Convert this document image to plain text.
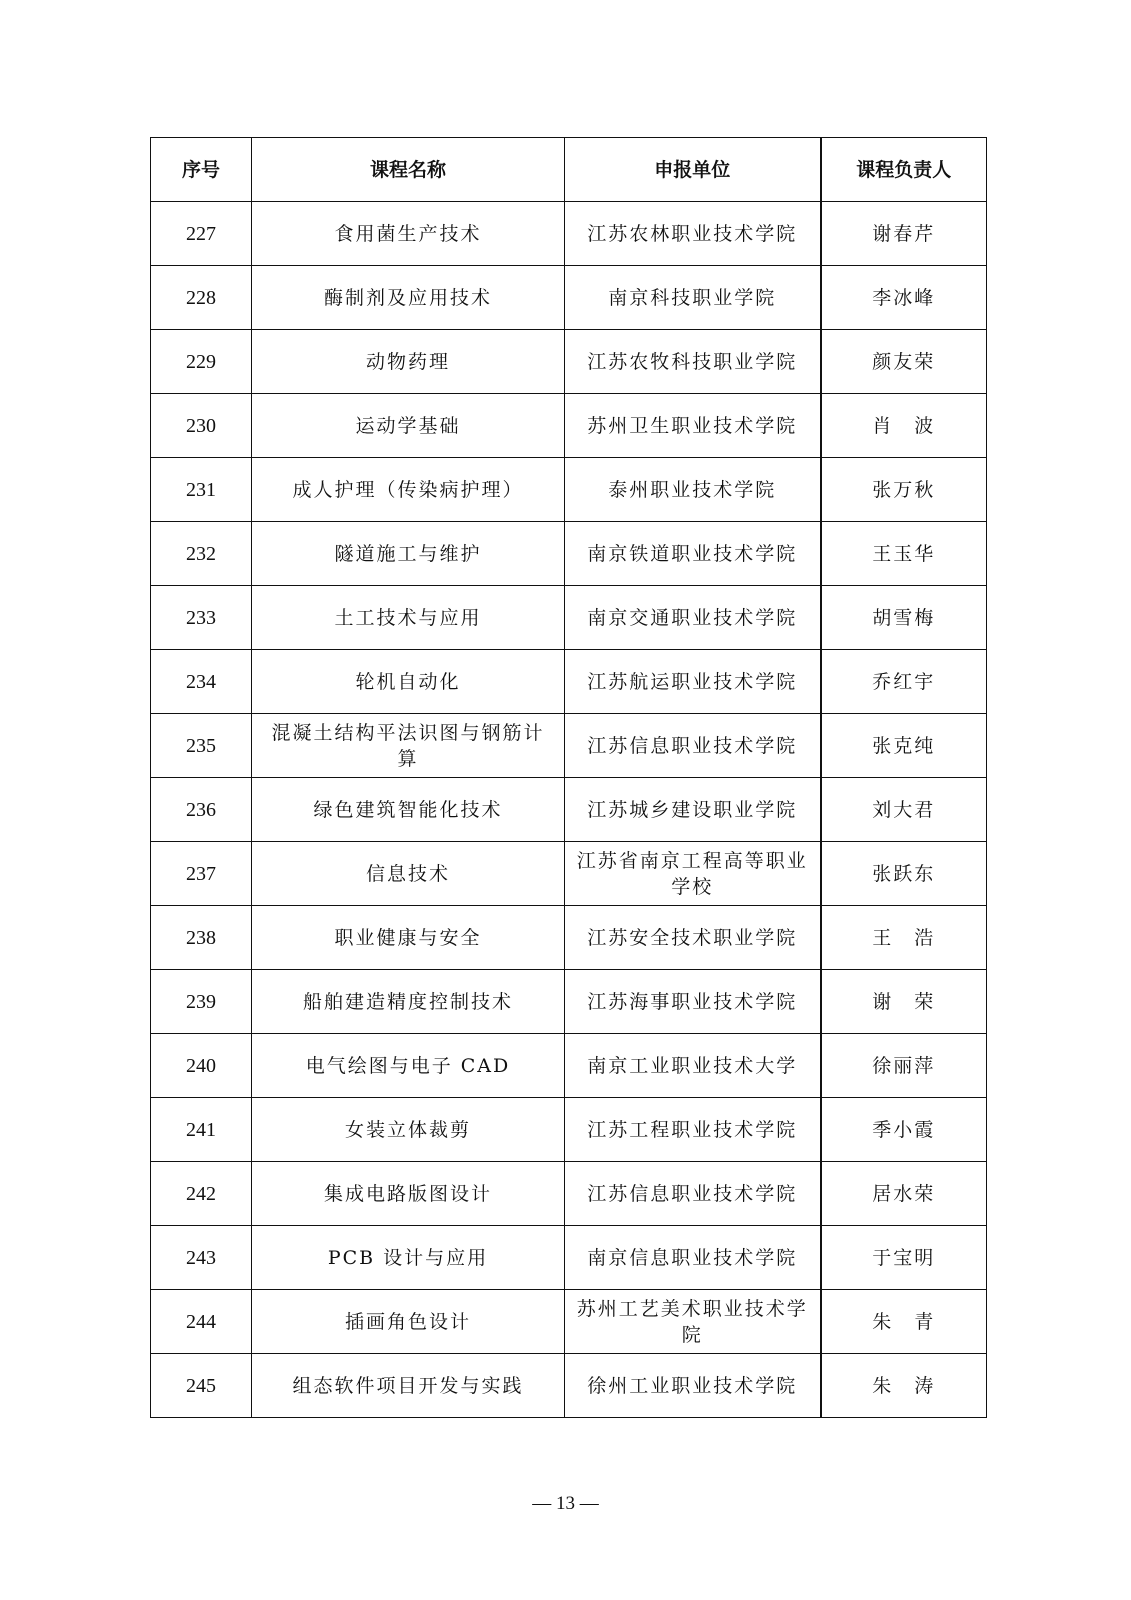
序号	课程名称	申报单位	课程负责人
227	食用菌生产技术	江苏农林职业技术学院	谢春芹
228	酶制剂及应用技术	南京科技职业学院	李冰峰
229	动物药理	江苏农牧科技职业学院	颜友荣
230	运动学基础	苏州卫生职业技术学院	肖　波
231	成人护理（传染病护理）	泰州职业技术学院	张万秋
232	隧道施工与维护	南京铁道职业技术学院	王玉华
233	土工技术与应用	南京交通职业技术学院	胡雪梅
234	轮机自动化	江苏航运职业技术学院	乔红宇
235	混凝土结构平法识图与钢筋计算	江苏信息职业技术学院	张克纯
236	绿色建筑智能化技术	江苏城乡建设职业学院	刘大君
237	信息技术	江苏省南京工程高等职业学校	张跃东
238	职业健康与安全	江苏安全技术职业学院	王　浩
239	船舶建造精度控制技术	江苏海事职业技术学院	谢　荣
240	电气绘图与电子 CAD	南京工业职业技术大学	徐丽萍
241	女装立体裁剪	江苏工程职业技术学院	季小霞
242	集成电路版图设计	江苏信息职业技术学院	居水荣
243	PCB 设计与应用	南京信息职业技术学院	于宝明
244	插画角色设计	苏州工艺美术职业技术学院	朱　青
245	组态软件项目开发与实践	徐州工业职业技术学院	朱　涛
— 13 —
